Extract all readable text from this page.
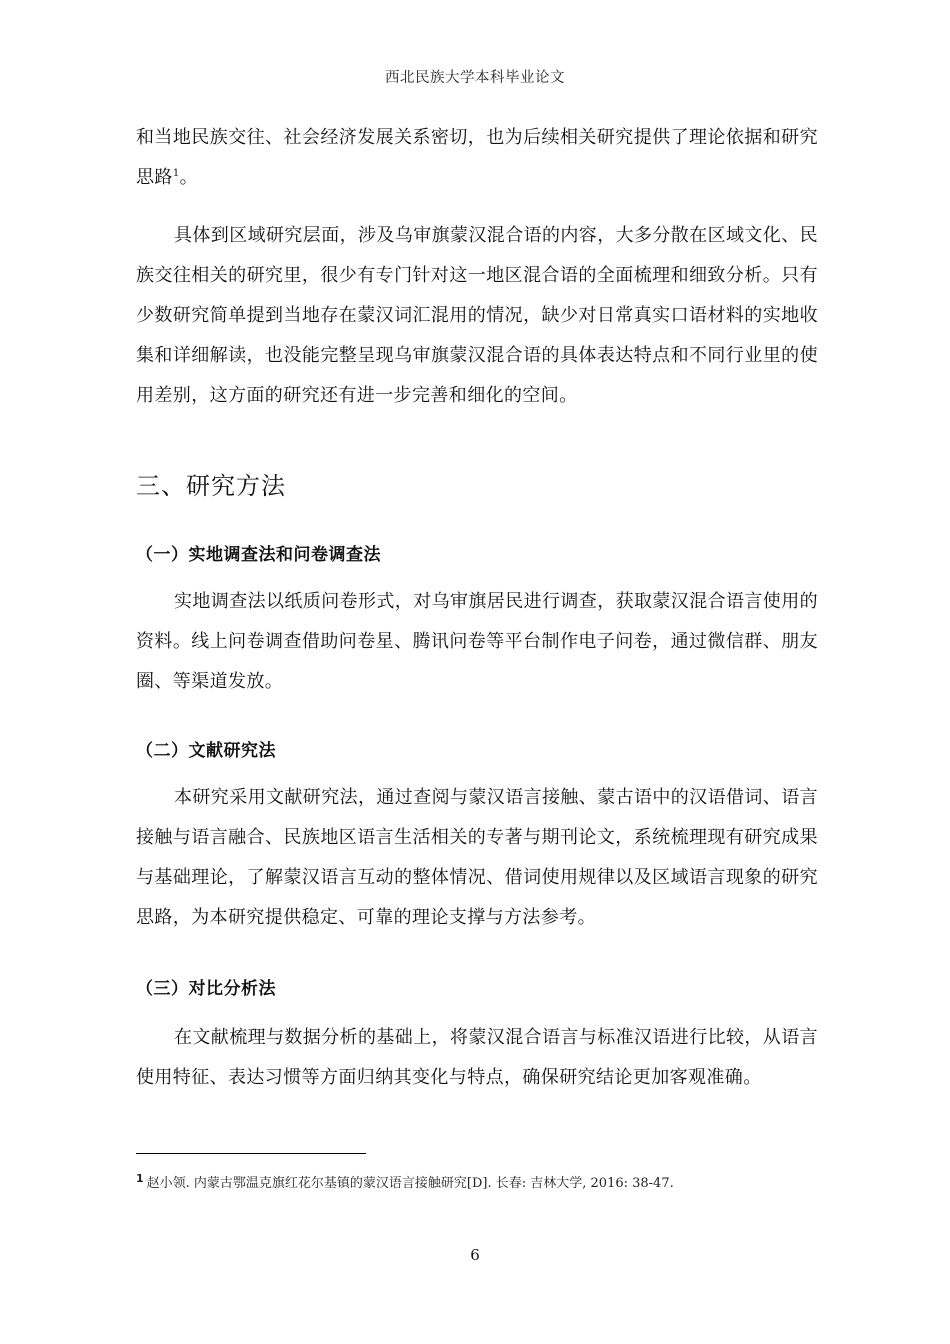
西北民族大学本科毕业论文

和当地民族交往、社会经济发展关系密切，也为后续相关研究提供了理论依据和研究思路$^1$。

具体到区域研究层面，涉及乌审旗蒙汉混合语的内容，大多分散在区域文化、民族交往相关的研究里，很少有专门针对这一地区混合语的全面梳理和细致分析。只有少数研究简单提到当地存在蒙汉词汇混用的情况，缺少对日常真实口语材料的实地收集和详细解读，也没能完整呈现乌审旗蒙汉混合语的具体表达特点和不同行业里的使用差别，这方面的研究还有进一步完善和细化的空间。

三、研究方法
（一）实地调查法和问卷调查法

实地调查法以纸质问卷形式，对乌审旗居民进行调查，获取蒙汉混合语言使用的资料。线上问卷调查借助问卷星、腾讯问卷等平台制作电子问卷，通过微信群、朋友圈、等渠道发放。

（二）文献研究法

本研究采用文献研究法，通过查阅与蒙汉语言接触、蒙古语中的汉语借词、语言接触与语言融合、民族地区语言生活相关的专著与期刊论文，系统梳理现有研究成果与基础理论，了解蒙汉语言互动的整体情况、借词使用规律以及区域语言现象的研究思路，为本研究提供稳定、可靠的理论支撑与方法参考。

（三）对比分析法

在文献梳理与数据分析的基础上，将蒙汉混合语言与标准汉语进行比较，从语言使用特征、表达习惯等方面归纳其变化与特点，确保研究结论更加客观准确。

$^1$ 赵小领. 内蒙古鄂温克旗红花尔基镇的蒙汉语言接触研究[D]. 长春: 吉林大学, 2016: 38-47.
6
